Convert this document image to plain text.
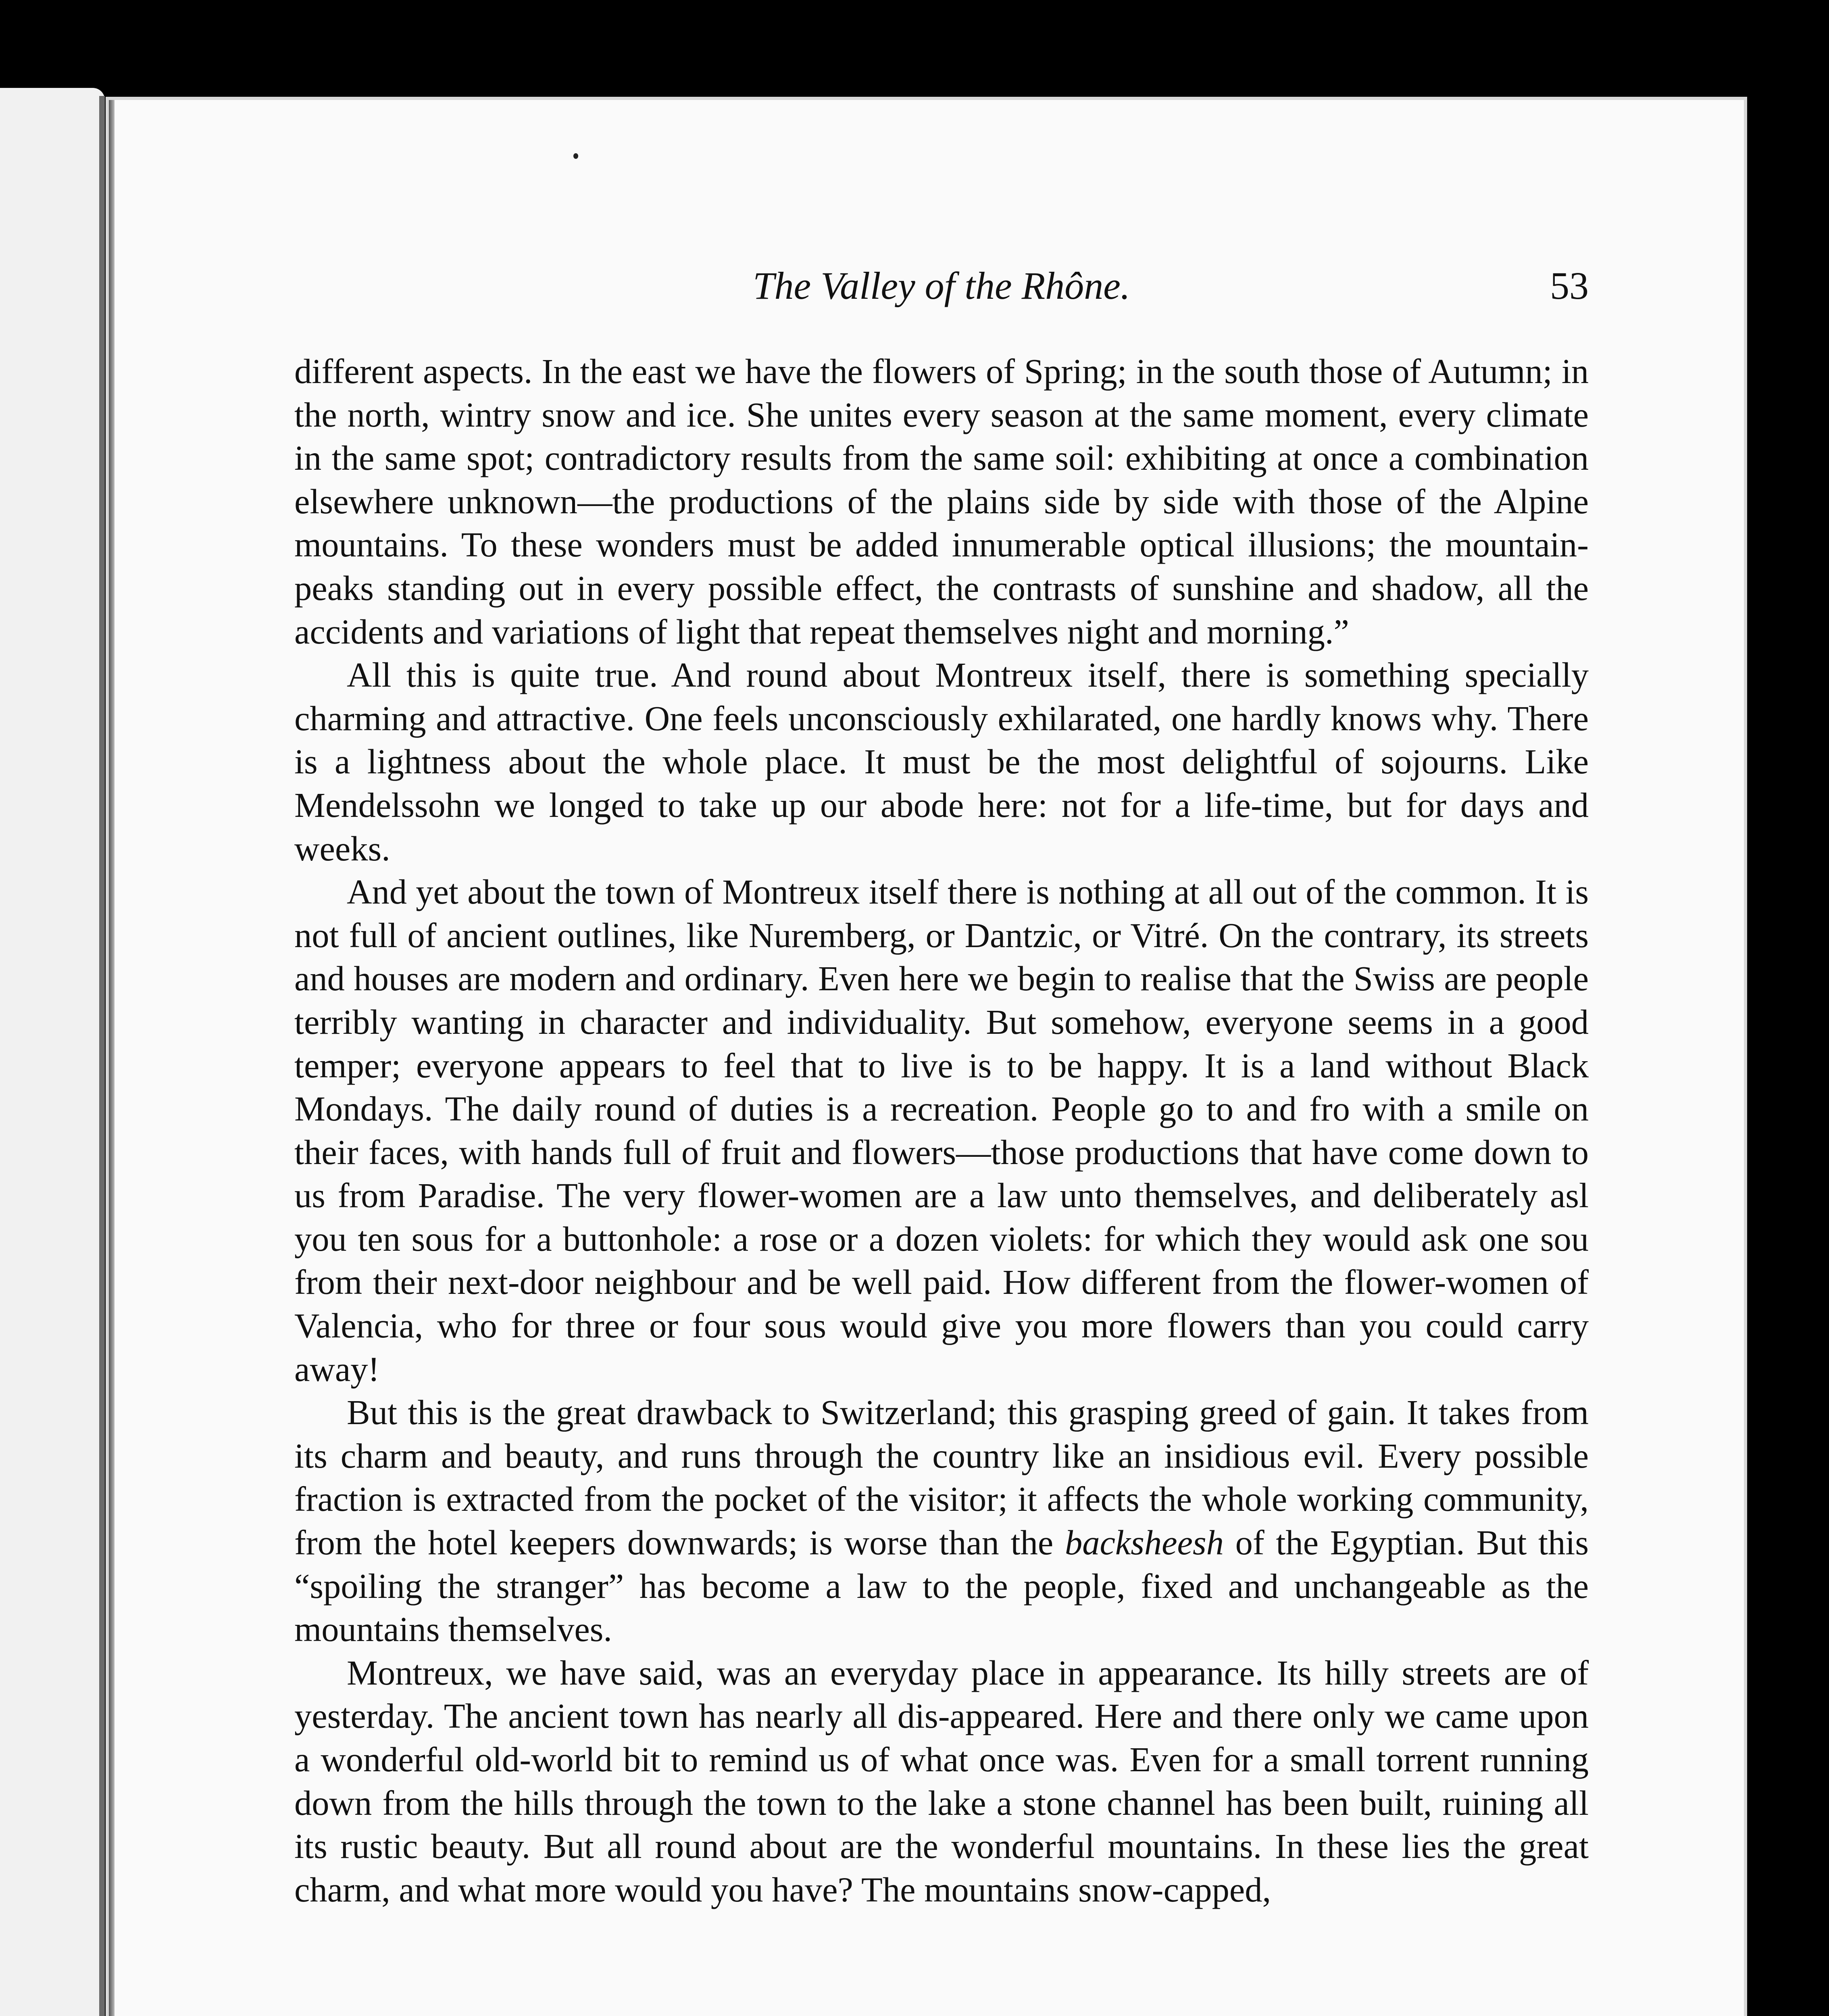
The Valley of the Rhône.	53

different aspects. In the east we have the flowers of Spring; in the south those of Autumn; in the north, wintry snow and ice. She unites every season at the same moment, every climate in the same spot; contradictory results from the same soil: exhibiting at once a combination elsewhere unknown—the productions of the plains side by side with those of the Alpine mountains. To these wonders must be added innumerable optical illusions; the mountain-peaks standing out in every possible effect, the contrasts of sunshine and shadow, all the accidents and variations of light that repeat themselves night and morning.”

All this is quite true. And round about Montreux itself, there is something specially charming and attractive. One feels unconsciously exhilarated, one hardly knows why. There is a lightness about the whole place. It must be the most delightful of sojourns. Like Mendelssohn we longed to take up our abode here: not for a life-time, but for days and weeks.

And yet about the town of Montreux itself there is nothing at all out of the common. It is not full of ancient outlines, like Nuremberg, or Dantzic, or Vitré. On the contrary, its streets and houses are modern and ordinary. Even here we begin to realise that the Swiss are people terribly wanting in character and individuality. But somehow, everyone seems in a good temper; everyone appears to feel that to live is to be happy. It is a land without Black Mondays. The daily round of duties is a recreation. People go to and fro with a smile on their faces, with hands full of fruit and flowers—those productions that have come down to us from Paradise. The very flower-women are a law unto themselves, and deliberately asl you ten sous for a buttonhole: a rose or a dozen violets: for which they would ask one sou from their next-door neighbour and be well paid. How different from the flower-women of Valencia, who for three or four sous would give you more flowers than you could carry away!

But this is the great drawback to Switzerland; this grasping greed of gain. It takes from its charm and beauty, and runs through the country like an insidious evil. Every possible fraction is extracted from the pocket of the visitor; it affects the whole working community, from the hotel keepers downwards; is worse than the backsheesh of the Egyptian. But this “spoiling the stranger” has become a law to the people, fixed and unchangeable as the mountains themselves.

Montreux, we have said, was an everyday place in appearance. Its hilly streets are of yesterday. The ancient town has nearly all dis-appeared. Here and there only we came upon a wonderful old-world bit to remind us of what once was. Even for a small torrent running down from the hills through the town to the lake a stone channel has been built, ruining all its rustic beauty. But all round about are the wonderful mountains. In these lies the great charm, and what more would you have? The mountains snow-capped,
